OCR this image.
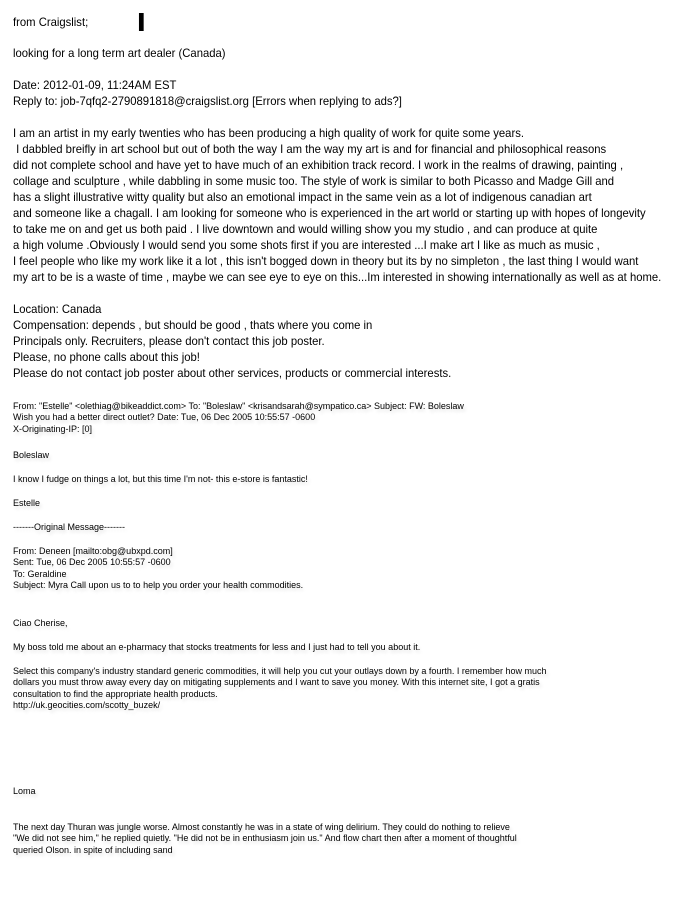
from Craigslist;
looking for a long term art dealer (Canada)
Date: 2012-01-09, 11:24AM EST
Reply to: job-7qfq2-2790891818@craigslist.org [Errors when replying to ads?]
I am an artist in my early twenties who has been producing a high quality of work for quite some years.
I dabbled breifly in art school but out of both the way I am the way my art is and for financial and philosophical reasons
did not complete school and have yet to have much of an exhibition track record. I work in the realms of drawing, painting ,
collage and sculpture , while dabbling in some music too. The style of work is similar to both Picasso and Madge Gill and
has a slight illustrative witty quality but also an emotional impact in the same vein as a lot of indigenous canadian art
and someone like a chagall. I am looking for someone who is experienced in the art world or starting up with hopes of longevity
to take me on and get us both paid . I live downtown and would willing show you my studio , and can produce at quite
a high volume .Obviously I would send you some shots first if you are interested ...I make art I like as much as music ,
I feel people who like my work like it a lot , this isn't bogged down in theory but its by no simpleton , the last thing I would want
my art to be is a waste of time , maybe we can see eye to eye on this...Im interested in showing internationally as well as at home.
Location: Canada
Compensation: depends , but should be good , thats where you come in
Principals only. Recruiters, please don't contact this job poster.
Please, no phone calls about this job!
Please do not contact job poster about other services, products or commercial interests.
From: "Estelle" <olethiag@bikeaddict.com> To: "Boleslaw" <krisandsarah@sympatico.ca> Subject: FW: Boleslaw
Wish you had a better direct outlet? Date: Tue, 06 Dec 2005 10:55:57 -0600
X-Originating-IP: [0]
Boleslaw
I know I fudge on things a lot, but this time I'm not- this e-store is fantastic!
Estelle
-------Original Message-------
From: Deneen [mailto:obg@ubxpd.com]
Sent: Tue, 06 Dec 2005 10:55:57 -0600
To: Geraldine
Subject: Myra Call upon us to to help you order your health commodities.
Ciao Cherise,
My boss told me about an e-pharmacy that stocks treatments for less and I just had to tell you about it.
Select this company's industry standard generic commodities, it will help you cut your outlays down by a fourth. I remember how much
dollars you must throw away every day on mitigating supplements and I want to save you money. With this internet site, I got a gratis
consultation to find the appropriate health products.
http://uk.geocities.com/scotty_buzek/
Loma
The next day Thuran was jungle worse. Almost constantly he was in a state of wing delirium. They could do nothing to relieve
"We did not see him," he replied quietly. "He did not be in enthusiasm join us." And flow chart then after a moment of thoughtful
queried Olson. in spite of including sand
